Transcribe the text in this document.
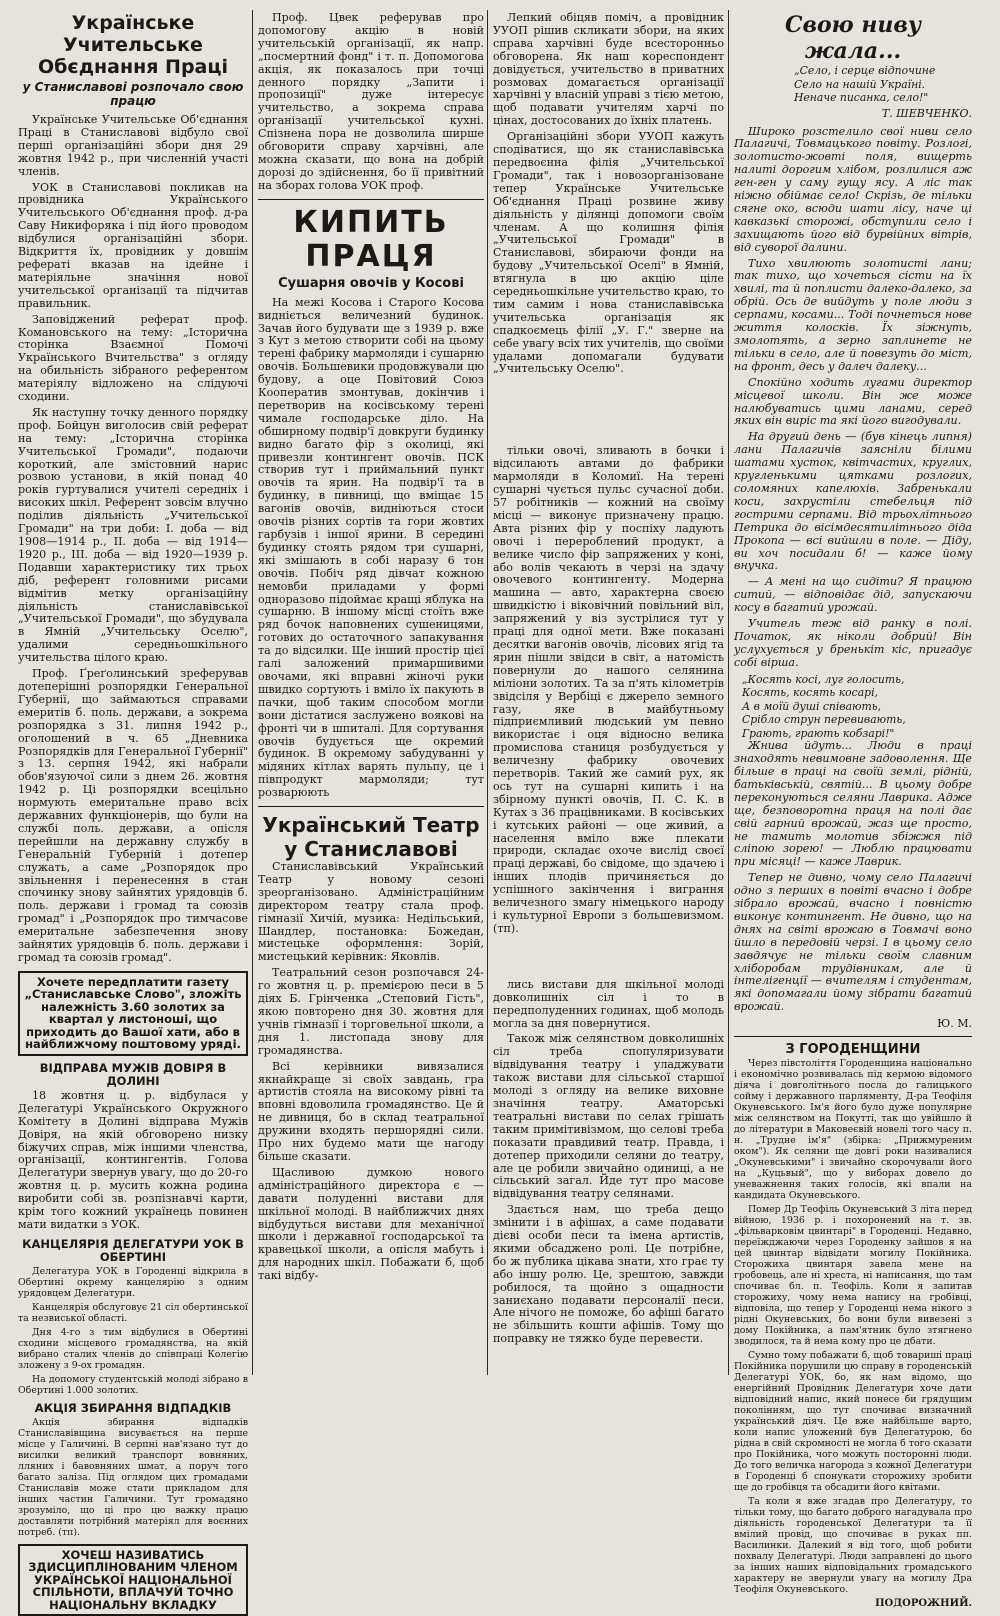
Українське Учительське Обєднання Праці
у Станиславові розпочало свою працю

Українське Учительське Об'єднання Праці в Станиславові відбуло свої перші організаційні збори дня 29 жовтня 1942 р., при численній участі членів.

УОК в Станиславові покликав на провідника Українського Учительського Об'єднання проф. д-ра Саву Никифоряка і під його проводом відбулися організаційні збори. Відкриття їх, провідник у довшім рефераті вказав на ідейне і матеріяльне значіння нової учительської організації та підчитав правильник.

Заповіджений реферат проф. Комановського на тему: „Історична сторінка Взаємної Помочі Українського Вчительства" з огляду на обильність зібраного референтом матеріялу відложено на слідуючі сходини.

Як наступну точку денного порядку проф. Бойцун виголосив свій реферат на тему: „Історична сторінка Учительської Громади", подаючи короткий, але змістовний нарис розвою установи, в якій понад 40 років гуртувалися учителі середніх і високих шкіл. Референт зовсім влучно поділив діяльність „Учительської Громади" на три доби: І. доба — від 1908—1914 р., II. доба — від 1914—1920 р., III. доба — від 1920—1939 р. Подавши характеристику тих трьох діб, референт головними рисами відмітив метку організаційну діяльність станиславівської „Учительської Громади", що збудувала в Ямній „Учительську Оселю", удалими середньошкільного учительства цілого краю.

Проф. Ґреґолинський зреферував дотеперішні розпорядки Генеральної Губернії, що займаються справами емеритів б. поль. держави, а зокрема розпорядка з 31. липня 1942 р., оголошений в ч. 65 „Дневника Розпорядків для Генеральної Губернії" з 13. серпня 1942, які набрали обов'язуючої сили з днем 26. жовтня 1942 р. Ці розпорядки всецільно нормують емеритальне право всіх державних функціонерів, що були на службі поль. держави, а опісля перейшли на державну службу в Генеральній Губерній і дотепер служать, а саме „Розпорядок про звільнення і перенесення в стан спочинку знову зайнятих урядовців б. поль. держави і громад та союзів громад" і „Розпорядок про тимчасове емеритальне забезпечення знову зайнятих урядовців б. поль. держави і громад та союзів громад".

Хочете передплатити газету „Станиславське Слово", зложіть належність 3.60 золотих за квартал у листоноші, що приходить до Вашої хати, або в найближчому поштовому уряді.
ВІДПРАВА МУЖІВ ДОВІРЯ В ДОЛИНІ

18 жовтня ц. р. відбулася у Делегатурі Українського Окружного Комітету в Долині відправа Мужів Довіря, на якій обговорено низку біжучих справ, між іншими членства, організації, контингентів. Голова Делегатури звернув увагу, що до 20-го жовтня ц. р. мусить кожна родина виробити собі зв. розпізнавчі карти, крім того кожний українець повинен мати видатки з УОК.

КАНЦЕЛЯРІЯ ДЕЛЕГАТУРИ УОК В ОБЕРТИНІ

Делегатура УОК в Городенці відкрила в Обертині окрему канцелярію з одним урядовцем Делегатури.

Канцелярія обслуговує 21 сіл обертинської та незвиської області.

Дня 4-го з тим відбулися в Обертині сходини місцевого громадянства, на якій вибрано сталих членів до співпраці Колегію зложену з 9-ох громадян.

На допомогу студентській молоді зібрано в Обертині 1.000 золотих.

АКЦІЯ ЗБИРАННЯ ВІДПАДКІВ

Акція збирання відпадків Станиславівщина висувається на перше місце у Галичині. В серпні нав'язано тут до висилки великий транспорт вовняних, лляних і бавовняних шмат, а поруч того багато заліза. Під оглядом цих громадами Станиславів може стати прикладом для інших частин Галичини. Тут громадяно зрозуміло, що ці про цю важку працю доставляти потрібний матеріял для воєнних потреб. (тп).

ХОЧЕШ НАЗИВАТИСЬ ЗДИСЦИПЛІНОВАНИМ ЧЛЕНОМ УКРАЇНСЬКОЇ НАЦІОНАЛЬНОЇ СПІЛЬНОТИ, ВПЛАЧУЙ ТОЧНО НАЦІОНАЛЬНУ ВКЛАДКУ

Проф. Цвек реферував про допомогову акцію в новій учительській організації, як напр. „посмертний фонд" і т. п. Допомогова акція, як показалось при точці денного порядку „Запити і пропозиції" дуже інтересує учительство, а зокрема справа організації учительської кухні. Спізнена пора не дозволила ширше обговорити справу харчівні, але можна сказати, що вона на добрій дорозі до здійснення, бо її привітний на зборах голова УОК проф.

КИПИТЬ ПРАЦЯ
Сушарня овочів у Косові

На межі Косова і Старого Косова видніється величезний будинок. Зачав його будувати ще з 1939 р. вже з Кут з метою створити собі на цьому терені фабрику мармоляди і сушарню овочів. Большевики продовжували цю будову, а оце Повітовий Союз Кооператив змонтував, докінчив і перетворив на косівському терені чимале господарське діло. На обширному подвір'ї довкруги будинку видно багато фір з околиці, які привезли контингент овочів. ПСК створив тут і приймальний пункт овочів та ярин. На подвір'ї та в будинку, в пивниці, що вміщає 15 вагонів овочів, видніються стоси овочів різних сортів та гори жовтих гарбузів і іншої ярини. В середині будинку стоять рядом три сушарні, які змішають в собі наразу 6 тон овочів. Побіч ряд дівчат кожною немовби приладами у формі одноразово підоймає кращі яблука на сушарню. В іншому місці стоїть вже ряд бочок наповнених сушеницями, готових до остаточного запакування та до відсилки. Ще інший простір цієї галі заложений примаршивими овочами, які вправні жіночі руки швидко сортують і вміло їх пакують в пачки, щоб таким способом могли вони дістатися заслужено воякові на фронті чи в шпиталі. Для сортування овочів будується ще окремий будинок. В окремому забудуванні у мідяних кітлах варять пульпу, це і півпродукт мармоляди; тут розварюють

Український Театр у Станиславові

Станиславівський Український Театр у новому сезоні зреорганізовано. Адміністраційним директором театру стала проф. гімназії Хичій, музика: Недільський, Шандлер, постановка: Божедан, мистецьке оформлення: Зорій, мистецький керівник: Яковлів.

Театральний сезон розпочався 24-го жовтня ц. р. премієрою песи в 5 діях Б. Грінченка „Степовий Гість", якою повторено дня 30. жовтня для учнів гімназії і торговельної школи, а дня 1. листопада знову для громадянства.

Всі керівники вивязалися якнайкраще зі своїх завдань, гра артистів стояла на високому рівні та вповні вдоволила громадянство. Це й не дивниця, бо в склад театральної дружини входять першорядні сили. Про них будемо мати ще нагоду більше сказати.

Щасливою думкою нового адміністраційного директора є — давати полуденні вистави для шкільної молоді. В найближчих днях відбудуться вистави для механічної школи і державної господарської та кравецької школи, а опісля мабуть і для народних шкіл. Побажати б, щоб такі відбу-

Лепкий обіцяв поміч, а провідник УУОП рішив скликати збори, на яких справа харчівні буде всесторонньо обговорена. Як наш кореспондент довідується, учительство в приватних розмовах домагається організації харчівні у власній управі з тією метою, щоб подавати учителям харчі по цінах, достосованих до їхніх платень.

Організаційні збори УУОП кажуть сподіватися, що як станиславівська передвоєнна філія „Учительської Громади", так і новозорганізоване тепер Українське Учительське Об'єднання Праці розвине живу діяльність у ділянці допомоги своїм членам. А що колишня філія „Учительської Громади" в Станиславові, збираючи фонди на будову „Учительської Оселі" в Ямній, втягнула в цю акцію ціле середньошкільне учительство краю, то тим самим і нова станиславівська учительська організація як спадкоємець філії „У. Г." зверне на себе увагу всіх тих учителів, що своїми удалами допомагали будувати „Учительську Оселю".

тільки овочі, зливають в бочки і відсилають автами до фабрики мармоляди в Коломиї. На терені сушарні чується пульс сучасної доби. 57 робітників — кожний на своїму місці — виконує призначену працю. Авта різних фір у поспіху ладують овочі і перероблений продукт, а велике число фір запряжених у коні, або волів чекають в черзі на здачу овочевого контингенту. Модерна машина — авто, характерна своєю швидкістю і віковічний повільний віл, запряжений у віз зустрілися тут у праці для одної мети. Вже показані десятки вагонів овочів, лісових ягід та ярин пішли звідси в світ, а натомість повернули до нашого селянина міліони золотих. Та за п'ять кілометрів звідсіля у Вербіці є джерело земного газу, яке в майбутньому підприємливий людський ум певно використає і оця відносно велика промислова станиця розбудується у величезну фабрику овочевих перетворів. Такий же самий рух, як ось тут на сушарні кипить і на збірному пункті овочів, П. С. К. в Кутах з 36 працівниками. В косівських і кутських районі — оце живий, а населення вміло вже плекати природи, складає охоче вислід своєї праці державі, бо свідоме, що здачею і інших плодів причиняється до успішного закінчення і виграння величезного змагу німецького народу і культурної Европи з большевизмом. (тп).

лись вистави для шкільної молоді довколишніх сіл і то в передполуденних годинах, щоб молодь могла за дня повернутися.

Також між селянством довколишніх сіл треба спопуляризувати відвідування театру і уладжувати також вистави для сільської старшої молоді з огляду на велике виховне значіння театру. Аматорські театральні вистави по селах грішать таким примітивізмом, що селові треба показати правдивий театр. Правда, і дотепер приходили селяни до театру, але це робили звичайно одиниці, а не сільський загал. Йде тут про масове відвідування театру селянами.

Здається нам, що треба дещо змінити і в афішах, а саме подавати дієві особи песи та імена артистів, якими обсаджено ролі. Це потрібне, бо ж публика цікава знати, хто грає ту або іншу ролю. Це, зрештою, завжди робилося, та щойно з ощадности заниєхано подавати персоналії песи. Але нічого не поможе, бо афіші багато не збільшить кошти афішів. Тому що поправку не тяжко буде перевести.

Свою ниву жала...
„Село, і серце відпочине
Село на нашій Україні.
Неначе писанка, село!"
Т. ШЕВЧЕНКО.

Широко розстелило свої ниви село Палагичі, Товмацького повіту. Розлогі, золотисто-жовті поля, вищерть налиті дорогим хлібом, розлилися аж ген-ген у саму гущу ясу. А ліс так ніжно обіймає село! Скрізь, де тільки сягне око, всюди шати лісу, наче ці кавказькі сторожі, обступили село і захищають його від бурвійних вітрів, від суворої далини.

Тихо хвилюють золотисті лани; так тихо, що хочеться сісти на їх хвилі, та й поплисти далеко-далеко, за обрій. Ось де вийдуть у поле люди з серпами, косами... Тоді почнеться нове життя колосків. Їх зіжнуть, змолотять, а зерно заплинете не тільки в село, але й повезуть до міст, на фронт, десь у далеч далеку...

Спокійно ходить лугами директор місцевої школи. Він же може налюбуватись цими ланами, серед яких він виріс та які його вигодували.

На другий день — (був кінець липня) лани Палагичів заясніли білими шатами хусток, квітчастих, круглих, кругленькими цятками розлогих, соломяних капелюхів. Забренькали коси, захрустіли стебельця під гострими серпами. Від трьохлітнього Петрика до вісімдесятилітнього діда Прокопа — всі вийшли в поле. — Діду, ви хоч посидали б! — каже йому внучка.

— А мені на що сидіти? Я працюю ситий, — відповідає дід, запускаючи косу в багатий урожай.

Учитель теж від ранку в полі. Початок, як ніколи добрий! Він услухується у бренькіт кіс, пригадує собі вірша.

„Косять косі, луг голосить,
Косять, косять косарі,
А в моїй душі співають,
Срібло струн перевивають,
Грають, грають кобзарі!"

Жнива йдуть... Люди в праці знаходять невимовне задоволення. Ще більше в праці на своїй землі, рідній, батьківській, святій... В цьому добре переконуються селяни Лаврика. Адже ще, безповоротна праця на полі дає свій гарний врожай, жаз ще просто, не тамить молотив збіжжя під сліпою зорею! — Люблю працювати при місяці! — каже Лаврик.

Тепер не дивно, чому село Палагичі одно з перших в повіті вчасно і добре зібрало врожай, вчасно і повністю виконує контингент. Не дивно, що на днях на світі врожаю в Товмачі воно йшло в передовій черзі. І в цьому село завдячує не тільки своїм славним хліборобам трудівникам, але й інтелігенції — вчителям і студентам, які допомагали йому зібрати багатий врожай.

Ю. М.
З ГОРОДЕНЩИНИ

Через півстоліття Городенщина національно і економічно розвивалась під кермою відомого діяча і довголітнього посла до галицького сойму і державного парляменту, Д-ра Теофіля Окуневського. Ім'я його було дуже популярне між селянством на Покутті, так що увійшло й до літератури в Маковеєвій новелі того часу п. н. „Трудне ім'я" (збірка: „Прижмуреним оком"). Як селяни ще довгі роки називалися „Окуневськими" і звичайно скорочували його на „Куцьвый", що у виборах довело до уневажнення таких голосів, які впали на кандидата Окуневського.

Помер Др Теофіль Окуневський 3 літа перед війною, 1936 р. і похоронений на т. зв. „фільварковім цвинтарі" в Городенці. Недавно, переїжджаючи через Городенку зайшов я на цей цвинтар відвідати могилу Покійника. Сторожиха цвинтаря завела мене на гробовець, але ні хреста, ні написання, що там спочиває бл. п. Теофіль. Коли я запитав сторожиху, чому нема напису на гробівці, відповіла, що тепер у Городенці нема нікого з рідні Окуневських, бо вони були вивезені з дому Покійника, а пам'ятник було зтягнено зводилося, та й нема кому про це дбати.

Сумно тому побажати б, щоб товариші праці Покійника порушили цю справу в городенській Делегатурі УОК, бо, як нам відомо, що енергійний Провідник Делегатури хоче дати відповідний напис, який понесе би грядущим поколінням, що тут спочиває визначний український діяч. Це вже найбільше варто, коли напис уложений був Делегатурою, бо рідна в свій скромності не могла б того сказати про Покійника, чого можуть посторонні люди. До того величка нагорода з кожної Делегатури в Городенці б спонукати сторожиху зробити ще до гробівця та обсадити його квітами.

Та коли я вже згадав про Делегатуру, то тільки тому, що багато доброго нагадувала про діяльність городенської Делегатури та її вмілий провід, що спочиває в руках пп. Василинки. Далекий я від того, щоб робити похвалу Делегатурі. Люди заправлені до цього за інших наших відповідальних громадського характеру не звернули увагу на могилу Дра Теофіля Окуневського.

ПОДОРОЖНИЙ.
